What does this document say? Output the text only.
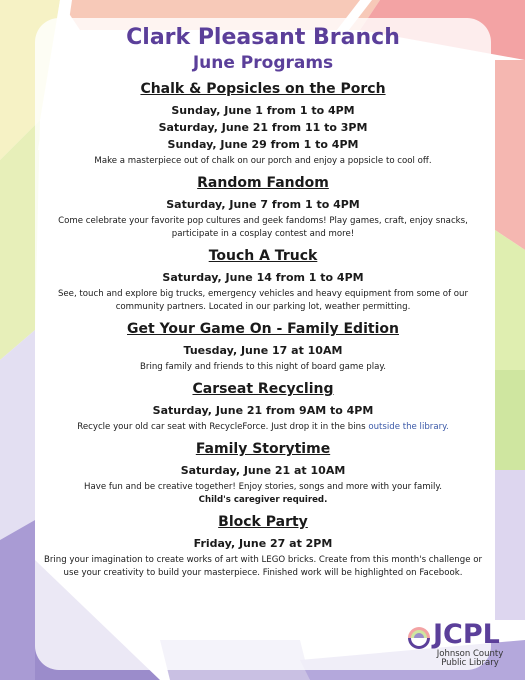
Clark Pleasant Branch
June Programs
Chalk & Popsicles on the Porch
Sunday, June 1 from 1 to 4PM
Saturday, June 21 from 11 to 3PM
Sunday, June 29 from 1 to 4PM
Make a masterpiece out of chalk on our porch and enjoy a popsicle to cool off.
Random Fandom
Saturday, June 7 from 1 to 4PM
Come celebrate your favorite pop cultures and geek fandoms! Play games, craft, enjoy snacks, participate in a cosplay contest and more!
Touch A Truck
Saturday, June 14 from 1 to 4PM
See, touch and explore big trucks, emergency vehicles and heavy equipment from some of our community partners. Located in our parking lot, weather permitting.
Get Your Game On - Family Edition
Tuesday, June 17 at 10AM
Bring family and friends to this night of board game play.
Carseat Recycling
Saturday, June 21 from 9AM to 4PM
Recycle your old car seat with RecycleForce. Just drop it in the bins outside the library.
Family Storytime
Saturday, June 21 at 10AM
Have fun and be creative together! Enjoy stories, songs and more with your family.
Child's caregiver required.
Block Party
Friday, June 27 at 2PM
Bring your imagination to create works of art with LEGO bricks. Create from this month's challenge or use your creativity to build your masterpiece. Finished work will be highlighted on Facebook.
JCPL
Johnson County
Public Library
